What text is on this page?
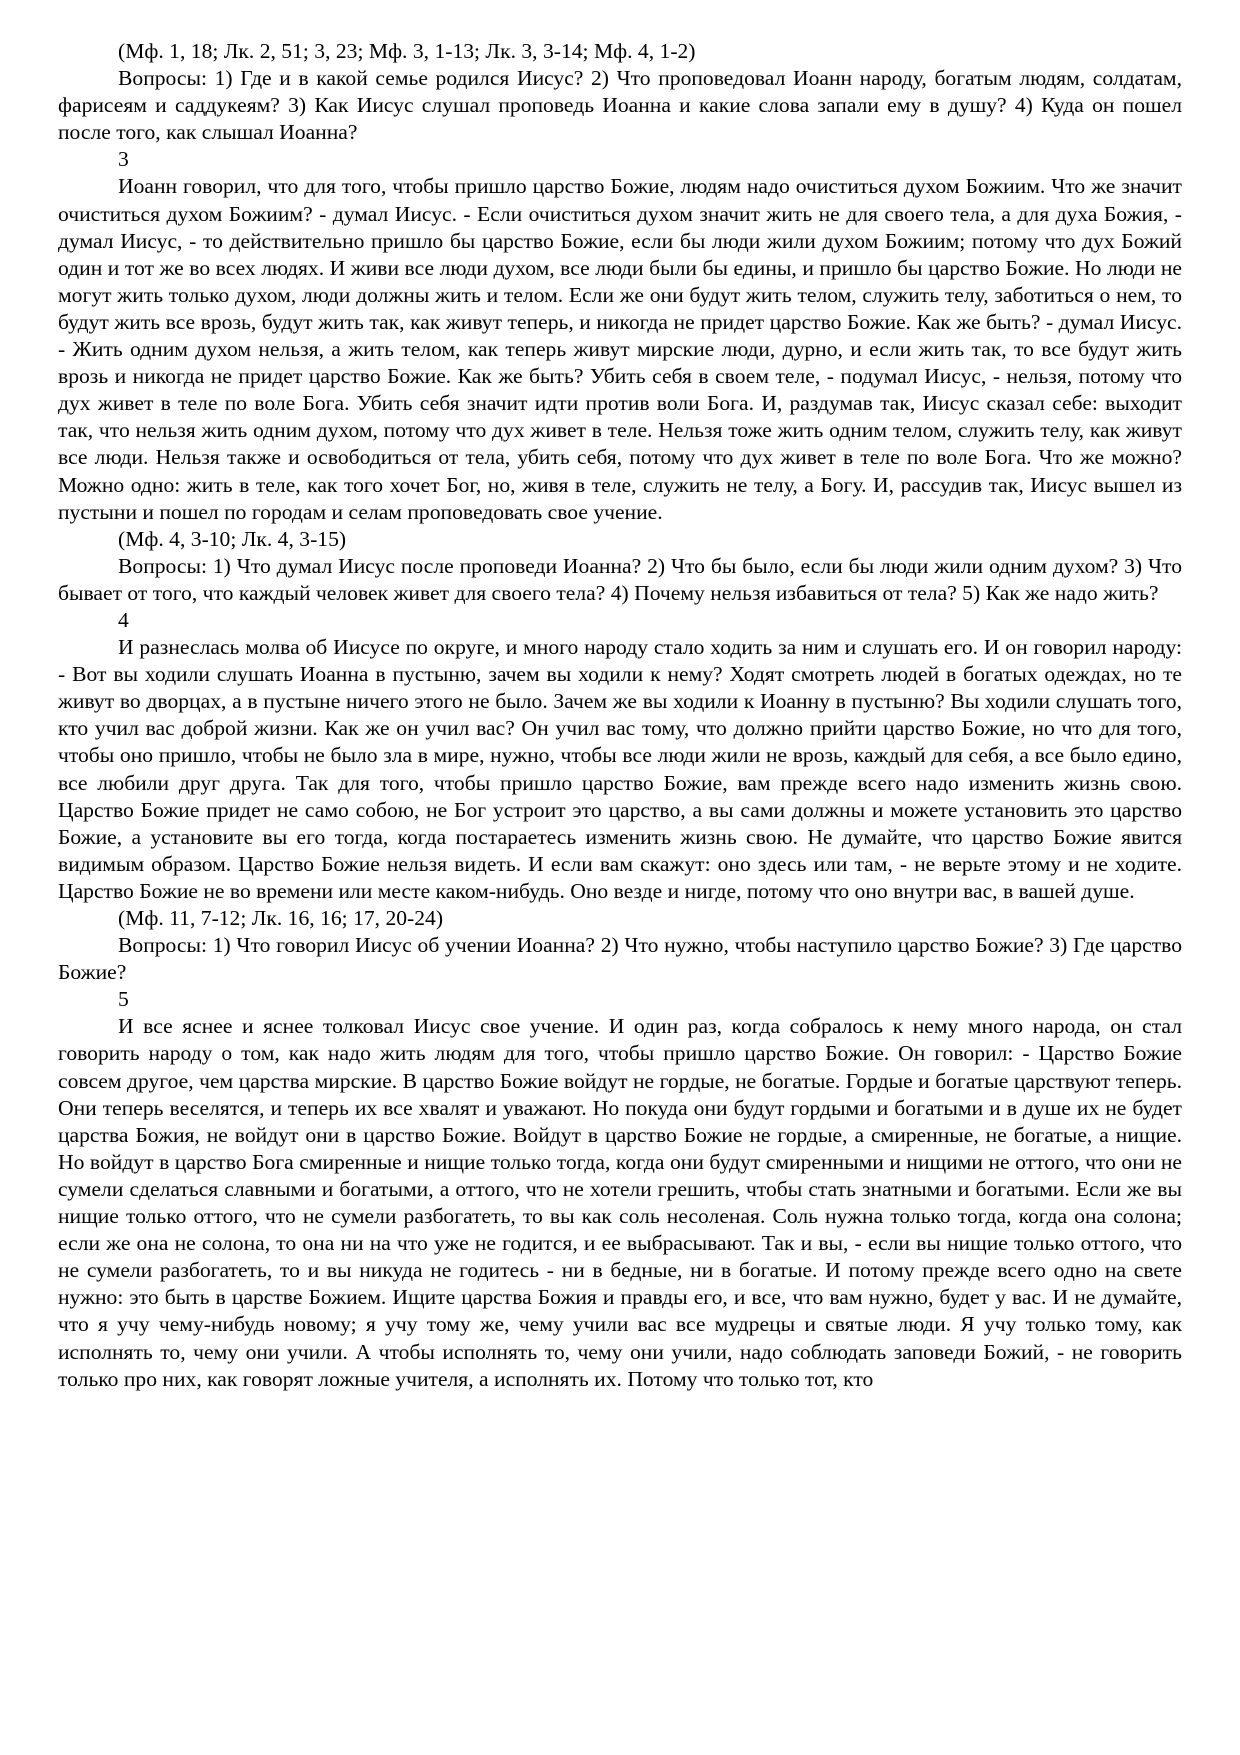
(Мф. 1, 18; Лк. 2, 51; 3, 23; Мф. 3, 1-13; Лк. 3, 3-14; Мф. 4, 1-2)

Вопросы: 1) Где и в какой семье родился Иисус? 2) Что проповедовал Иоанн народу, богатым людям, солдатам, фарисеям и саддукеям? 3) Как Иисус слушал проповедь Иоанна и какие слова запали ему в душу? 4) Куда он пошел после того, как слышал Иоанна?

3

Иоанн говорил, что для того, чтобы пришло царство Божие, людям надо очиститься духом Божиим. Что же значит очиститься духом Божиим? - думал Иисус. - Если очиститься духом значит жить не для своего тела, а для духа Божия, - думал Иисус, - то действительно пришло бы царство Божие, если бы люди жили духом Божиим; потому что дух Божий один и тот же во всех людях. И живи все люди духом, все люди были бы едины, и пришло бы царство Божие. Но люди не могут жить только духом, люди должны жить и телом. Если же они будут жить телом, служить телу, заботиться о нем, то будут жить все врозь, будут жить так, как живут теперь, и никогда не придет царство Божие. Как же быть? - думал Иисус. - Жить одним духом нельзя, а жить телом, как теперь живут мирские люди, дурно, и если жить так, то все будут жить врозь и никогда не придет царство Божие. Как же быть? Убить себя в своем теле, - подумал Иисус, - нельзя, потому что дух живет в теле по воле Бога. Убить себя значит идти против воли Бога. И, раздумав так, Иисус сказал себе: выходит так, что нельзя жить одним духом, потому что дух живет в теле. Нельзя тоже жить одним телом, служить телу, как живут все люди. Нельзя также и освободиться от тела, убить себя, потому что дух живет в теле по воле Бога. Что же можно? Можно одно: жить в теле, как того хочет Бог, но, живя в теле, служить не телу, а Богу. И, рассудив так, Иисус вышел из пустыни и пошел по городам и селам проповедовать свое учение.

(Мф. 4, 3-10; Лк. 4, 3-15)

Вопросы: 1) Что думал Иисус после проповеди Иоанна? 2) Что бы было, если бы люди жили одним духом? 3) Что бывает от того, что каждый человек живет для своего тела? 4) Почему нельзя избавиться от тела? 5) Как же надо жить?

4

И разнеслась молва об Иисусе по округе, и много народу стало ходить за ним и слушать его. И он говорил народу: - Вот вы ходили слушать Иоанна в пустыню, зачем вы ходили к нему? Ходят смотреть людей в богатых одеждах, но те живут во дворцах, а в пустыне ничего этого не было. Зачем же вы ходили к Иоанну в пустыню? Вы ходили слушать того, кто учил вас доброй жизни. Как же он учил вас? Он учил вас тому, что должно прийти царство Божие, но что для того, чтобы оно пришло, чтобы не было зла в мире, нужно, чтобы все люди жили не врозь, каждый для себя, а все было едино, все любили друг друга. Так для того, чтобы пришло царство Божие, вам прежде всего надо изменить жизнь свою. Царство Божие придет не само собою, не Бог устроит это царство, а вы сами должны и можете установить это царство Божие, а установите вы его тогда, когда постараетесь изменить жизнь свою. Не думайте, что царство Божие явится видимым образом. Царство Божие нельзя видеть. И если вам скажут: оно здесь или там, - не верьте этому и не ходите. Царство Божие не во времени или месте каком-нибудь. Оно везде и нигде, потому что оно внутри вас, в вашей душе.

(Мф. 11, 7-12; Лк. 16, 16; 17, 20-24)

Вопросы: 1) Что говорил Иисус об учении Иоанна? 2) Что нужно, чтобы наступило царство Божие? 3) Где царство Божие?

5

И все яснее и яснее толковал Иисус свое учение. И один раз, когда собралось к нему много народа, он стал говорить народу о том, как надо жить людям для того, чтобы пришло царство Божие. Он говорил: - Царство Божие совсем другое, чем царства мирские. В царство Божие войдут не гордые, не богатые. Гордые и богатые царствуют теперь. Они теперь веселятся, и теперь их все хвалят и уважают. Но покуда они будут гордыми и богатыми и в душе их не будет царства Божия, не войдут они в царство Божие. Войдут в царство Божие не гордые, а смиренные, не богатые, а нищие. Но войдут в царство Бога смиренные и нищие только тогда, когда они будут смиренными и нищими не оттого, что они не сумели сделаться славными и богатыми, а оттого, что не хотели грешить, чтобы стать знатными и богатыми. Если же вы нищие только оттого, что не сумели разбогатеть, то вы как соль несоленая. Соль нужна только тогда, когда она солона; если же она не солона, то она ни на что уже не годится, и ее выбрасывают. Так и вы, - если вы нищие только оттого, что не сумели разбогатеть, то и вы никуда не годитесь - ни в бедные, ни в богатые. И потому прежде всего одно на свете нужно: это быть в царстве Божием. Ищите царства Божия и правды его, и все, что вам нужно, будет у вас. И не думайте, что я учу чему-нибудь новому; я учу тому же, чему учили вас все мудрецы и святые люди. Я учу только тому, как исполнять то, чему они учили. А чтобы исполнять то, чему они учили, надо соблюдать заповеди Божий, - не говорить только про них, как говорят ложные учителя, а исполнять их. Потому что только тот, кто
